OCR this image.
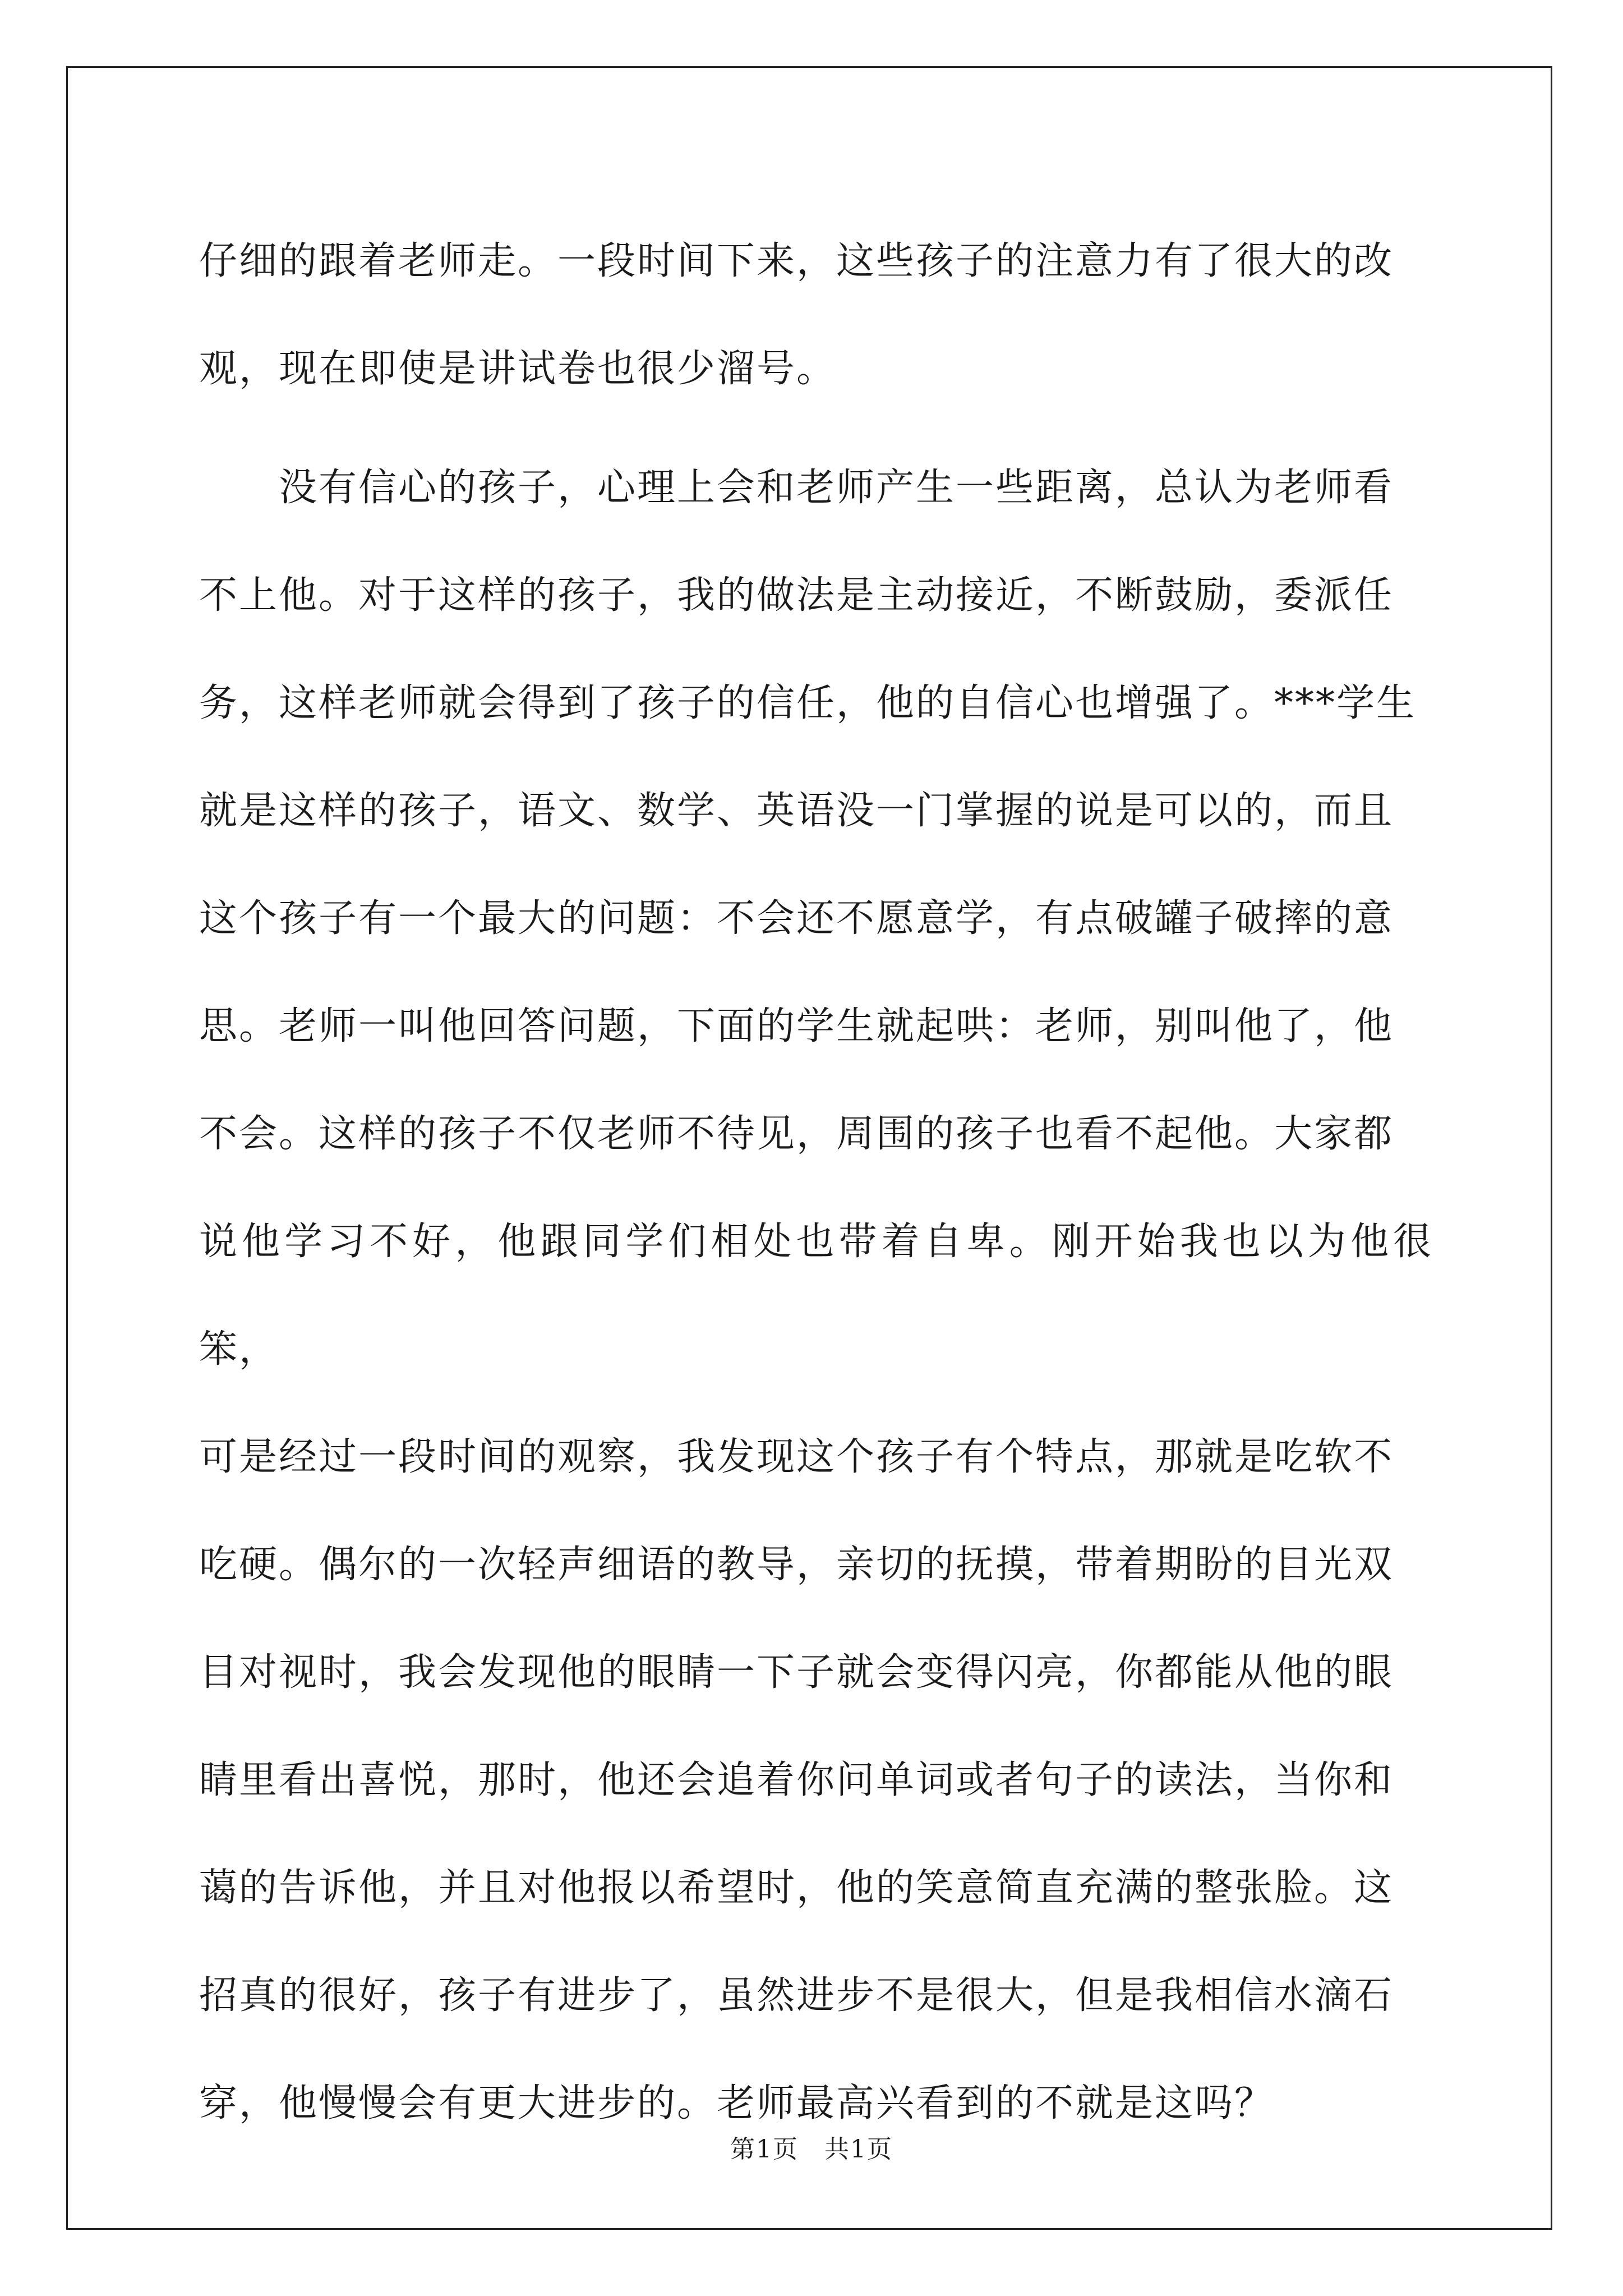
仔细的跟着老师走。一段时间下来，这些孩子的注意力有了很大的改
观，现在即使是讲试卷也很少溜号。

　　没有信心的孩子，心理上会和老师产生一些距离，总认为老师看
不上他。对于这样的孩子，我的做法是主动接近，不断鼓励，委派任
务，这样老师就会得到了孩子的信任，他的自信心也增强了。***学生
就是这样的孩子，语文、数学、英语没一门掌握的说是可以的，而且
这个孩子有一个最大的问题：不会还不愿意学，有点破罐子破摔的意
思。老师一叫他回答问题，下面的学生就起哄：老师，别叫他了，他
不会。这样的孩子不仅老师不待见，周围的孩子也看不起他。大家都
说他学习不好，他跟同学们相处也带着自卑。刚开始我也以为他很笨，
可是经过一段时间的观察，我发现这个孩子有个特点，那就是吃软不
吃硬。偶尔的一次轻声细语的教导，亲切的抚摸，带着期盼的目光双
目对视时，我会发现他的眼睛一下子就会变得闪亮，你都能从他的眼
睛里看出喜悦，那时，他还会追着你问单词或者句子的读法，当你和
蔼的告诉他，并且对他报以希望时，他的笑意简直充满的整张脸。这
招真的很好，孩子有进步了，虽然进步不是很大，但是我相信水滴石
穿，他慢慢会有更大进步的。老师最高兴看到的不就是这吗？

第1页　共1页
